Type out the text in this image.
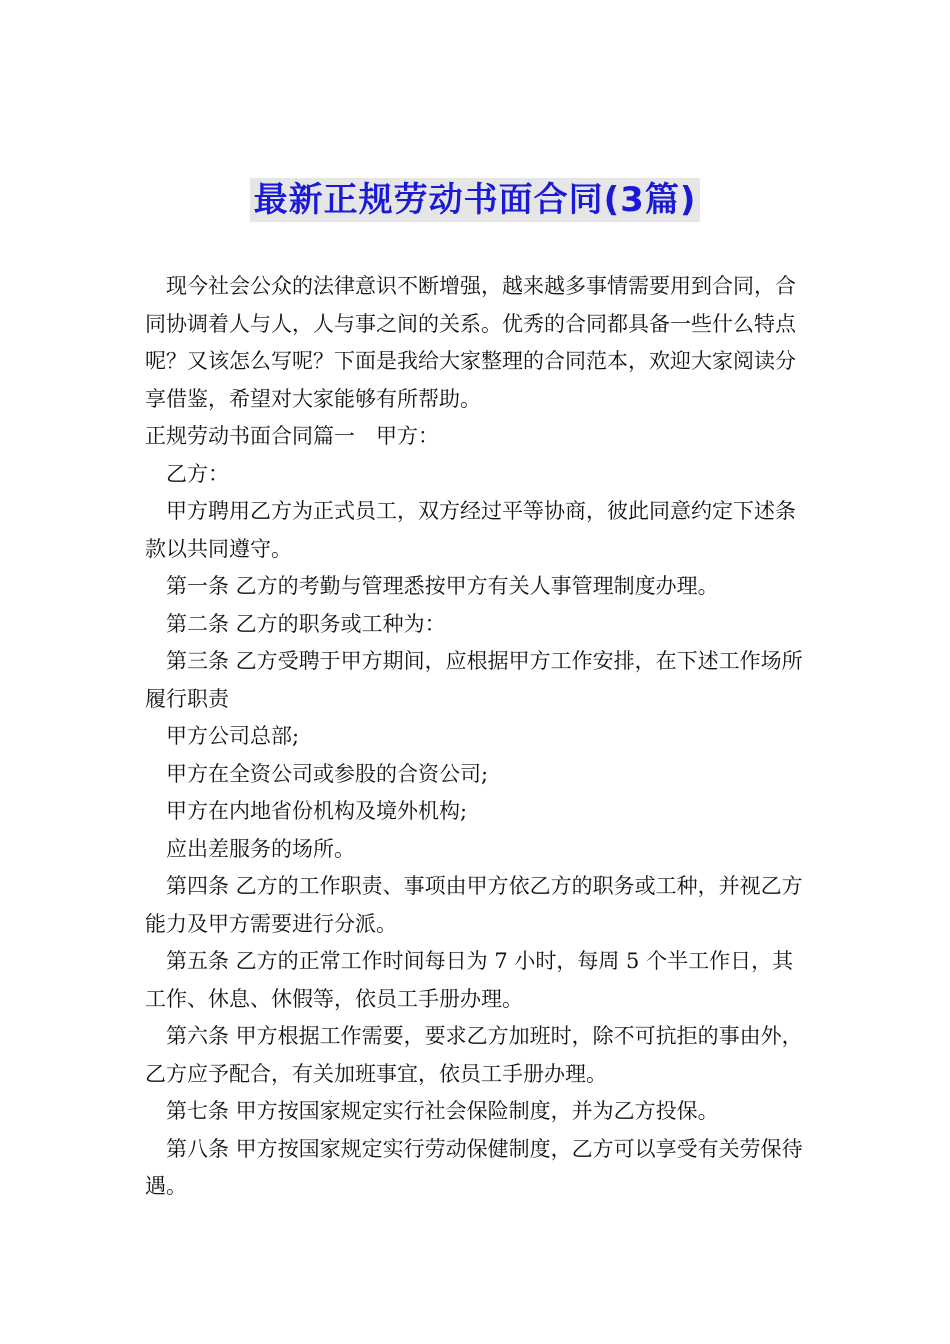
最新正规劳动书面合同(3篇)

现今社会公众的法律意识不断增强，越来越多事情需要用到合同，合同协调着人与人，人与事之间的关系。优秀的合同都具备一些什么特点呢？又该怎么写呢？下面是我给大家整理的合同范本，欢迎大家阅读分享借鉴，希望对大家能够有所帮助。

正规劳动书面合同篇一　甲方：

乙方：

甲方聘用乙方为正式员工，双方经过平等协商，彼此同意约定下述条款以共同遵守。

第一条 乙方的考勤与管理悉按甲方有关人事管理制度办理。

第二条 乙方的职务或工种为：

第三条 乙方受聘于甲方期间，应根据甲方工作安排，在下述工作场所履行职责

甲方公司总部;

甲方在全资公司或参股的合资公司;

甲方在内地省份机构及境外机构;

应出差服务的场所。

第四条 乙方的工作职责、事项由甲方依乙方的职务或工种，并视乙方能力及甲方需要进行分派。

第五条 乙方的正常工作时间每日为 7 小时，每周 5 个半工作日，其工作、休息、休假等，依员工手册办理。

第六条 甲方根据工作需要，要求乙方加班时，除不可抗拒的事由外，乙方应予配合，有关加班事宜，依员工手册办理。

第七条 甲方按国家规定实行社会保险制度，并为乙方投保。

第八条 甲方按国家规定实行劳动保健制度，乙方可以享受有关劳保待遇。
